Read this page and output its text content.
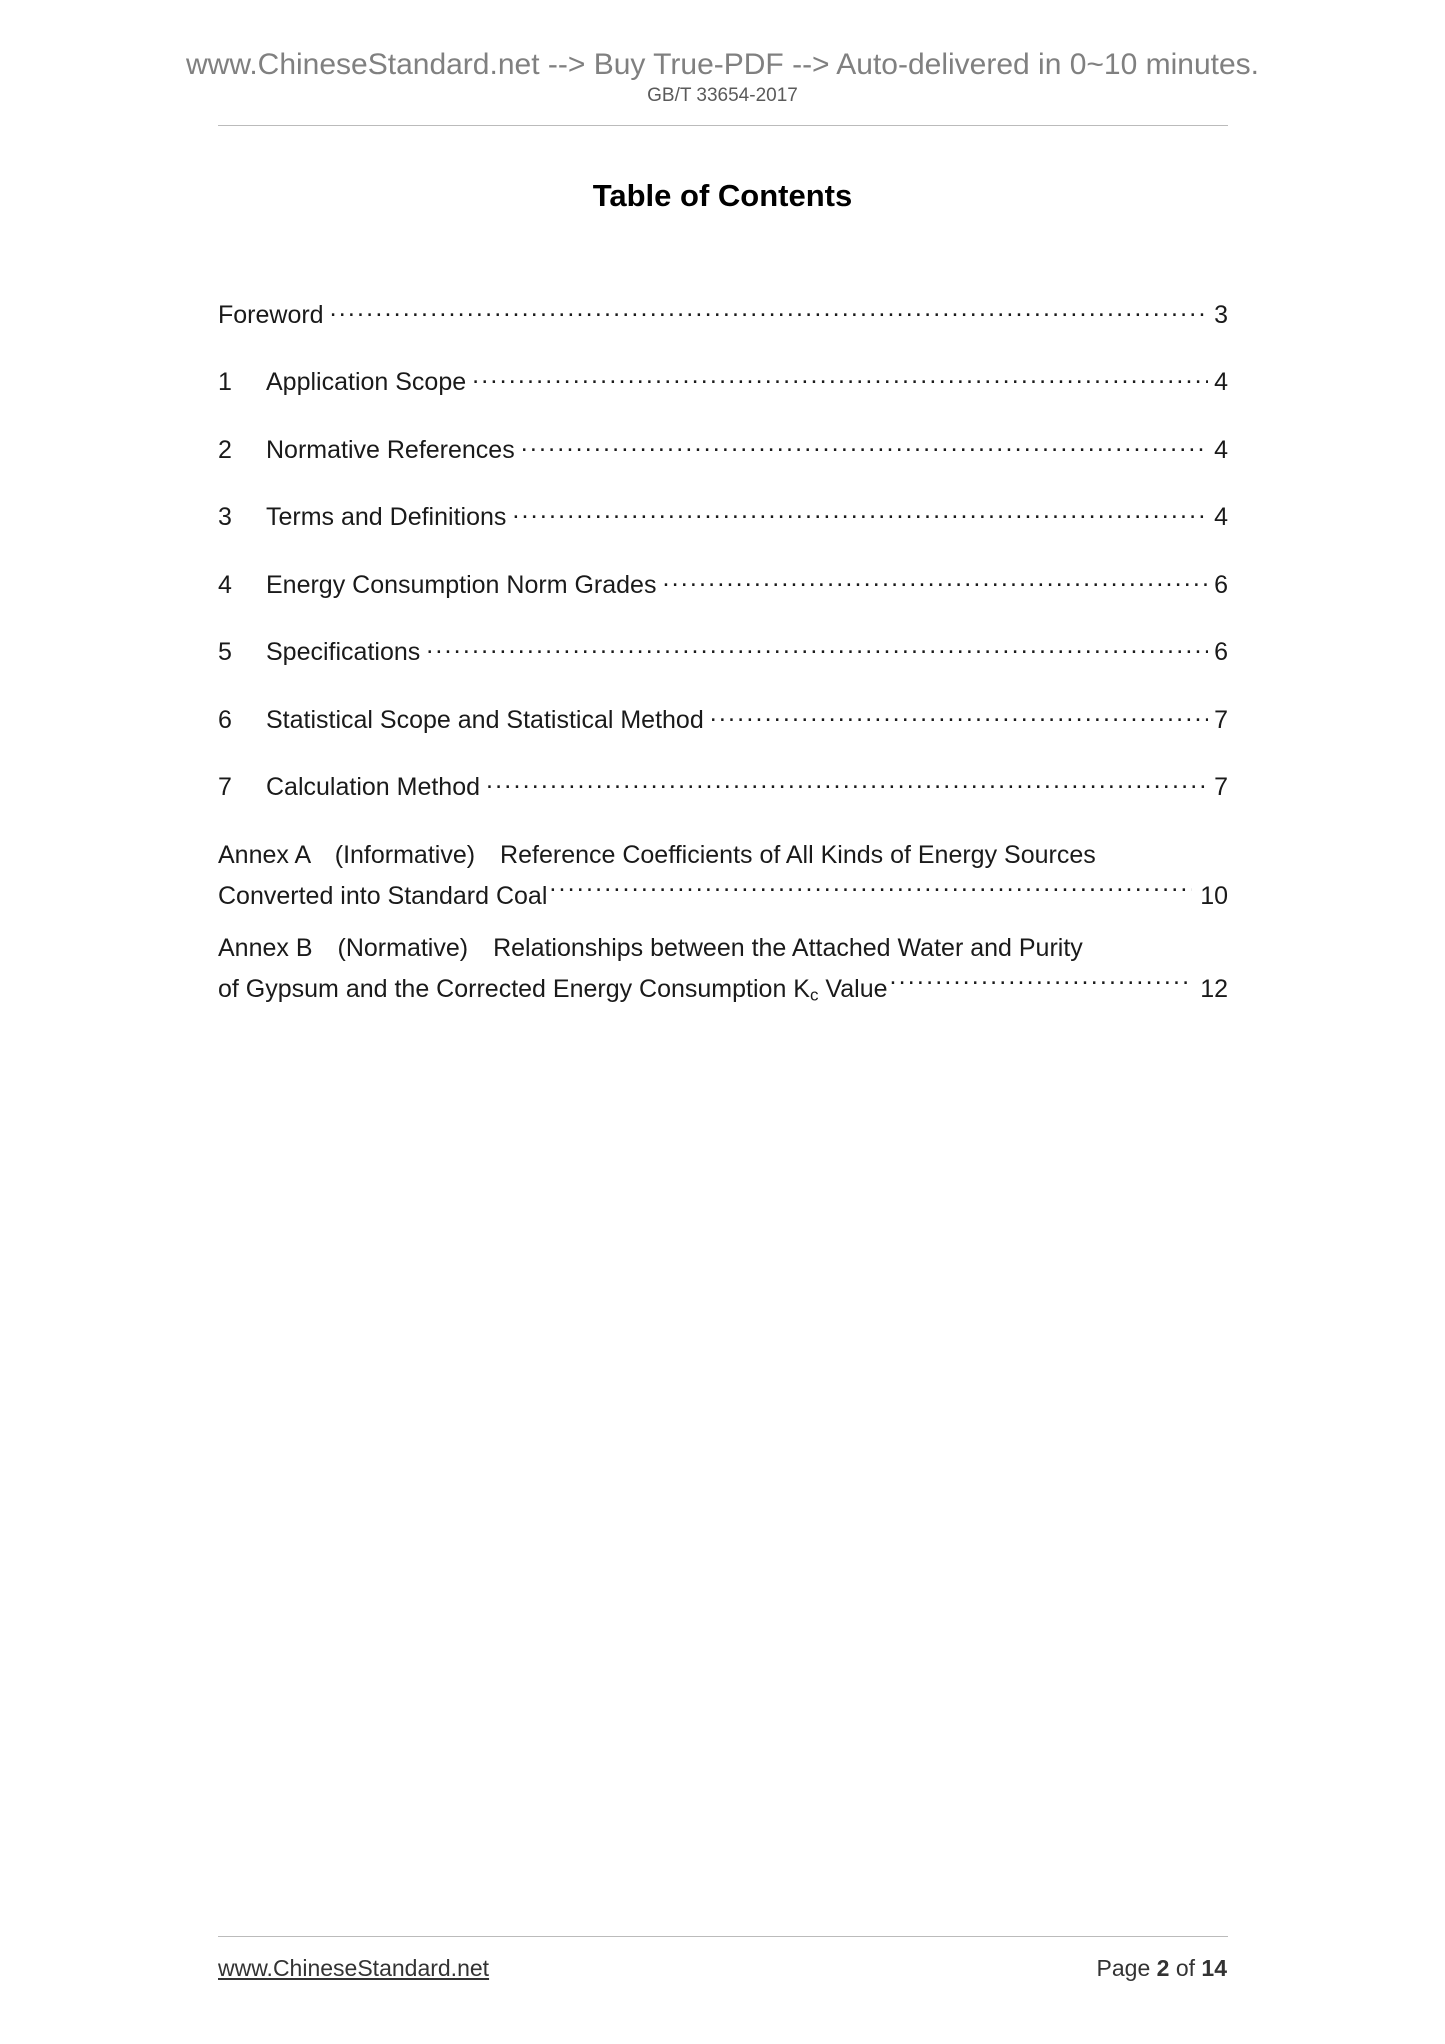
www.ChineseStandard.net --> Buy True-PDF --> Auto-delivered in 0~10 minutes.
GB/T 33654-2017
Table of Contents
Foreword .....	3
1	Application Scope .....	4
2	Normative References .....	4
3	Terms and Definitions .....	4
4	Energy Consumption Norm Grades .....	6
5	Specifications .....	6
6	Statistical Scope and Statistical Method .....	7
7	Calculation Method .....	7
Annex A　(Informative)　Reference Coefficients of All Kinds of Energy Sources
Converted into Standard Coal .....	10
Annex B　(Normative)　Relationships between the Attached Water and Purity
of Gypsum and the Corrected Energy Consumption $K_c$ Value .....	12
www.ChineseStandard.net	Page 2 of 14
